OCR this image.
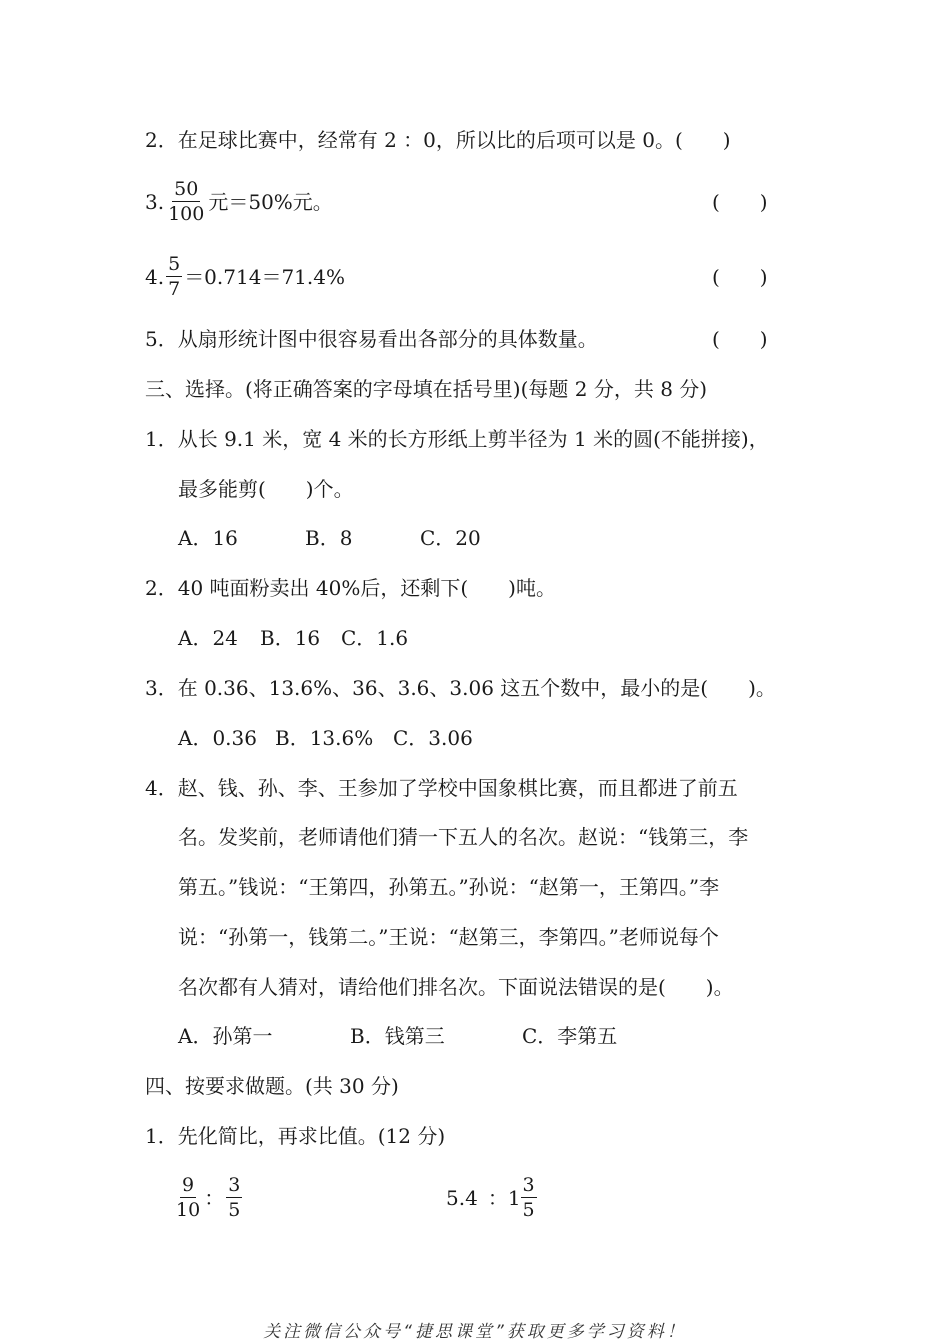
2．在足球比赛中，经常有 2 ：0，所以比的后项可以是 0。(　　)
3. $\frac{50}{100}$ 元＝50%元。	(　　)
4. $\frac{5}{7} =0.714=71.4\%$	(　　)
5．从扇形统计图中很容易看出各部分的具体数量。	(　　)
三、选择。(将正确答案的字母填在括号里)(每题 2 分，共 8 分)
1．从长 9.1 米，宽 4 米的长方形纸上剪半径为 1 米的圆(不能拼接)，
最多能剪(　　)个。
A．16	B．8	C．20
2．40 吨面粉卖出 40%后，还剩下(　　)吨。
A．24 B．16 C．1.6
3．在 0.36、13.6%、36、3.6、3.06 这五个数中，最小的是(　　)。
A．0.36 B．13.6% C．3.06
4．赵、钱、孙、李、王参加了学校中国象棋比赛，而且都进了前五
名。发奖前，老师请他们猜一下五人的名次。赵说：“钱第三，李
第五。”钱说：“王第四，孙第五。”孙说：“赵第一，王第四。”李
说：“孙第一，钱第二。”王说：“赵第三，李第四。”老师说每个
名次都有人猜对，请给他们排名次。下面说法错误的是(　　)。
A．孙第一	B．钱第三	C．李第五
四、按要求做题。(共 30 分)
1．先化简比，再求比值。(12 分)
$\frac{9}{10}$ ： $\frac{3}{5}$	5.4 ： $1 \frac{3}{5}$
关注微信公众号“捷思课堂”获取更多学习资料！
